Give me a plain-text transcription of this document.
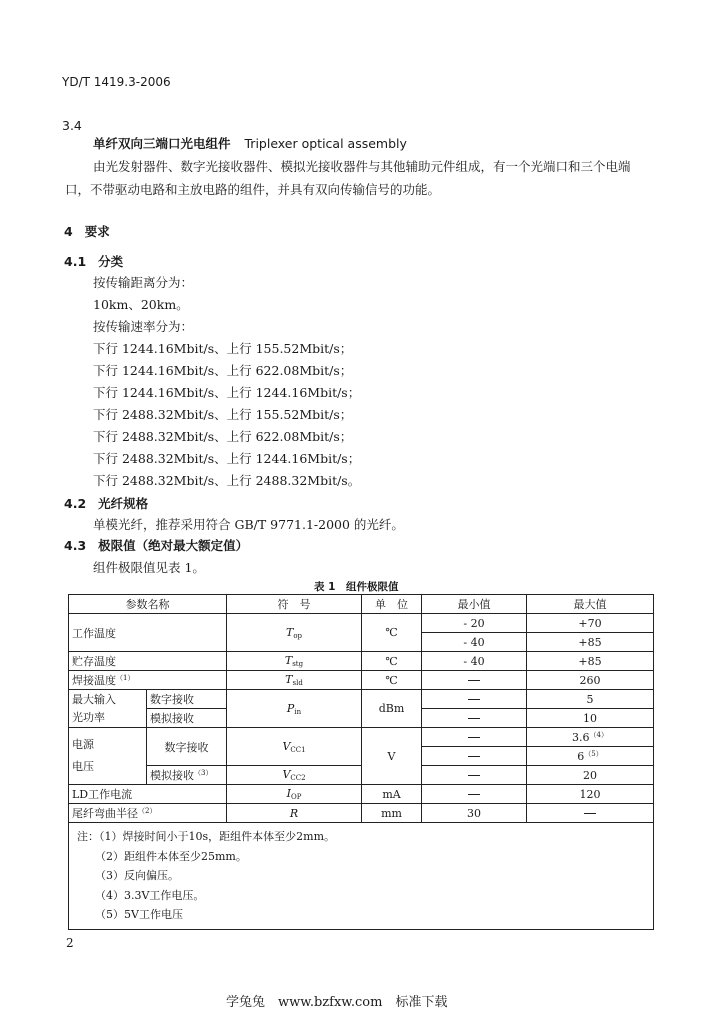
YD/T 1419.3-2006
3.4
单纤双向三端口光电组件 Triplexer optical assembly
由光发射器件、数字光接收器件、模拟光接收器件与其他辅助元件组成，有一个光端口和三个电端
口，不带驱动电路和主放电路的组件，并具有双向传输信号的功能。
4 要求
4.1 分类
按传输距离分为：
10km、20km。
按传输速率分为：
下行 1244.16Mbit/s、上行 155.52Mbit/s；
下行 1244.16Mbit/s、上行 622.08Mbit/s；
下行 1244.16Mbit/s、上行 1244.16Mbit/s；
下行 2488.32Mbit/s、上行 155.52Mbit/s；
下行 2488.32Mbit/s、上行 622.08Mbit/s；
下行 2488.32Mbit/s、上行 1244.16Mbit/s；
下行 2488.32Mbit/s、上行 2488.32Mbit/s。
4.2 光纤规格
单模光纤，推荐采用符合 GB/T 9771.1-2000 的光纤。
4.3 极限值（绝对最大额定值）
组件极限值见表 1。
表 1　组件极限值
参数名称		符　号	单　位	最小值	最大值
工作温度		$T_{op}$	℃	- 20	+70
				- 40	+85
贮存温度		$T_{stg}$	℃	- 40	+85
焊接温度$^{(1)}$		$T_{sld}$	℃		260
最大输入
光功率	数字接收	$P_{in}$	dBm		5
	模拟接收				10
电源
电压	数字接收	$V_{CC1}$	V		$3.6^{(4)}$
					$6^{(5)}$
	模拟接收$^{(3)}$	$V_{CC2}$			20
LD工作电流		$I_{OP}$	mA		120
尾纤弯曲半径$^{(2)}$		R	mm	30	

注：（1）焊接时间小于10s，距组件本体至少2mm。
（2）距组件本体至少25mm。
（3）反向偏压。
（4）3.3V工作电压。
（5）5V工作电压					
2
学兔兔　www.bzfxw.com　标准下载
